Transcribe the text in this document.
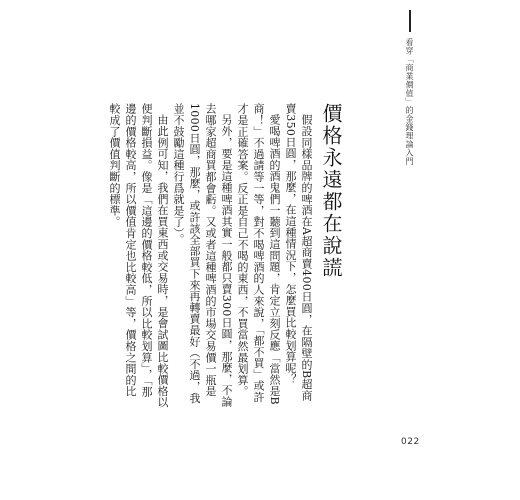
看穿「商業價值」的金錢理論入門
價格永遠都在說謊

假設同樣品牌的啤酒在A超商賣400日圓，在隔壁的B超商賣350日圓，那麼，在這種情況下，怎麼買比較划算呢？

愛喝啤酒的酒鬼們一聽到這問題，肯定立刻反應「當然是B商！」不過請等一等，對不喝啤酒的人來說，「都不買」或許才是正確答案。反正是自己不喝的東西，不買當然最划算。

另外，要是這種啤酒其實一般都只賣300日圓，那麼，不論去哪家超商買都會虧。又或者這種啤酒的市場交易價一瓶是1000日圓，那麼，或許該全部買下來再轉賣最好（不過，我並不鼓勵這種行爲就是了）。

由此例可知，我們在買東西或交易時，是會試圖比較價格以便判斷損益。像是「這邊的價格較低，所以比較划算」，「那邊的價格較高，所以價值肯定也比較高」等，價格之間的比較成了價值判斷的標準。

022
